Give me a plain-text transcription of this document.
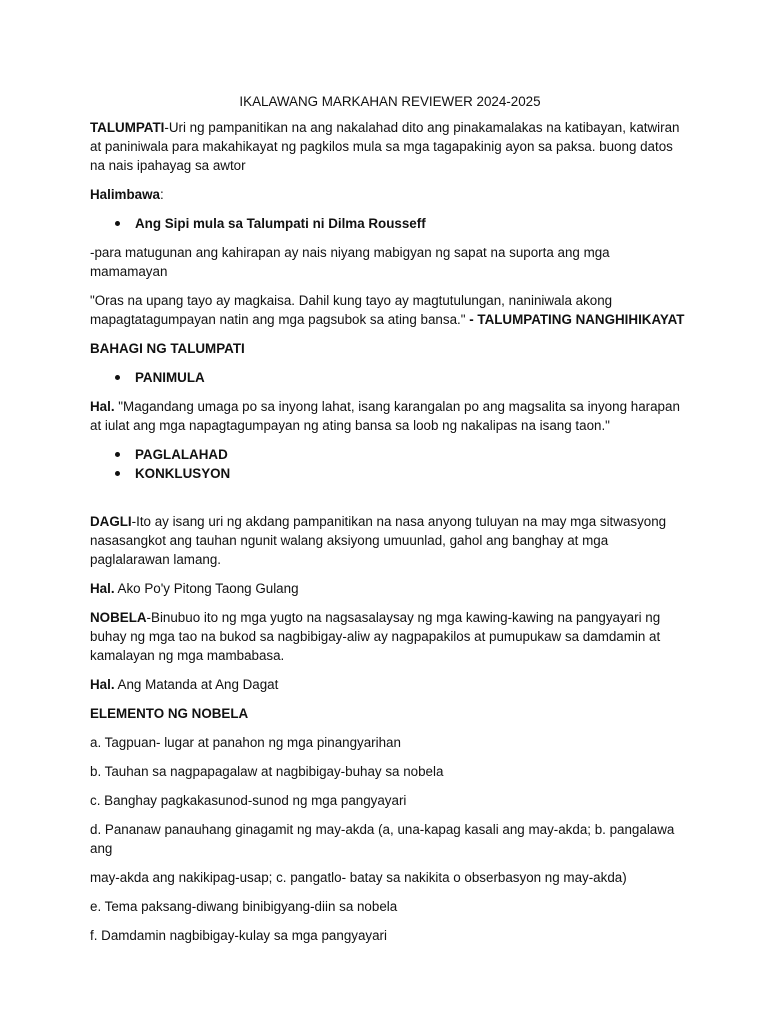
IKALAWANG MARKAHAN REVIEWER 2024-2025

TALUMPATI-Uri ng pampanitikan na ang nakalahad dito ang pinakamalakas na katibayan, katwiran at paniniwala para makahikayat ng pagkilos mula sa mga tagapakinig ayon sa paksa. buong datos na nais ipahayag sa awtor

Halimbawa:

Ang Sipi mula sa Talumpati ni Dilma Rousseff

-para matugunan ang kahirapan ay nais niyang mabigyan ng sapat na suporta ang mga mamamayan

"Oras na upang tayo ay magkaisa. Dahil kung tayo ay magtutulungan, naniniwala akong mapagtatagumpayan natin ang mga pagsubok sa ating bansa." - TALUMPATING NANGHIHIKAYAT

BAHAGI NG TALUMPATI

PANIMULA

Hal. "Magandang umaga po sa inyong lahat, isang karangalan po ang magsalita sa inyong harapan at iulat ang mga napagtagumpayan ng ating bansa sa loob ng nakalipas na isang taon."

PAGLALAHAD
KONKLUSYON

DAGLI-Ito ay isang uri ng akdang pampanitikan na nasa anyong tuluyan na may mga sitwasyong nasasangkot ang tauhan ngunit walang aksiyong umuunlad, gahol ang banghay at mga paglalarawan lamang.

Hal. Ako Po'y Pitong Taong Gulang

NOBELA-Binubuo ito ng mga yugto na nagsasalaysay ng mga kawing-kawing na pangyayari ng buhay ng mga tao na bukod sa nagbibigay-aliw ay nagpapakilos at pumupukaw sa damdamin at kamalayan ng mga mambabasa.

Hal. Ang Matanda at Ang Dagat

ELEMENTO NG NOBELA

a. Tagpuan- lugar at panahon ng mga pinangyarihan

b. Tauhan sa nagpapagalaw at nagbibigay-buhay sa nobela

c. Banghay pagkakasunod-sunod ng mga pangyayari

d. Pananaw panauhang ginagamit ng may-akda (a, una-kapag kasali ang may-akda; b. pangalawa ang

may-akda ang nakikipag-usap; c. pangatlo- batay sa nakikita o obserbasyon ng may-akda)

e. Tema paksang-diwang binibigyang-diin sa nobela

f. Damdamin nagbibigay-kulay sa mga pangyayari
